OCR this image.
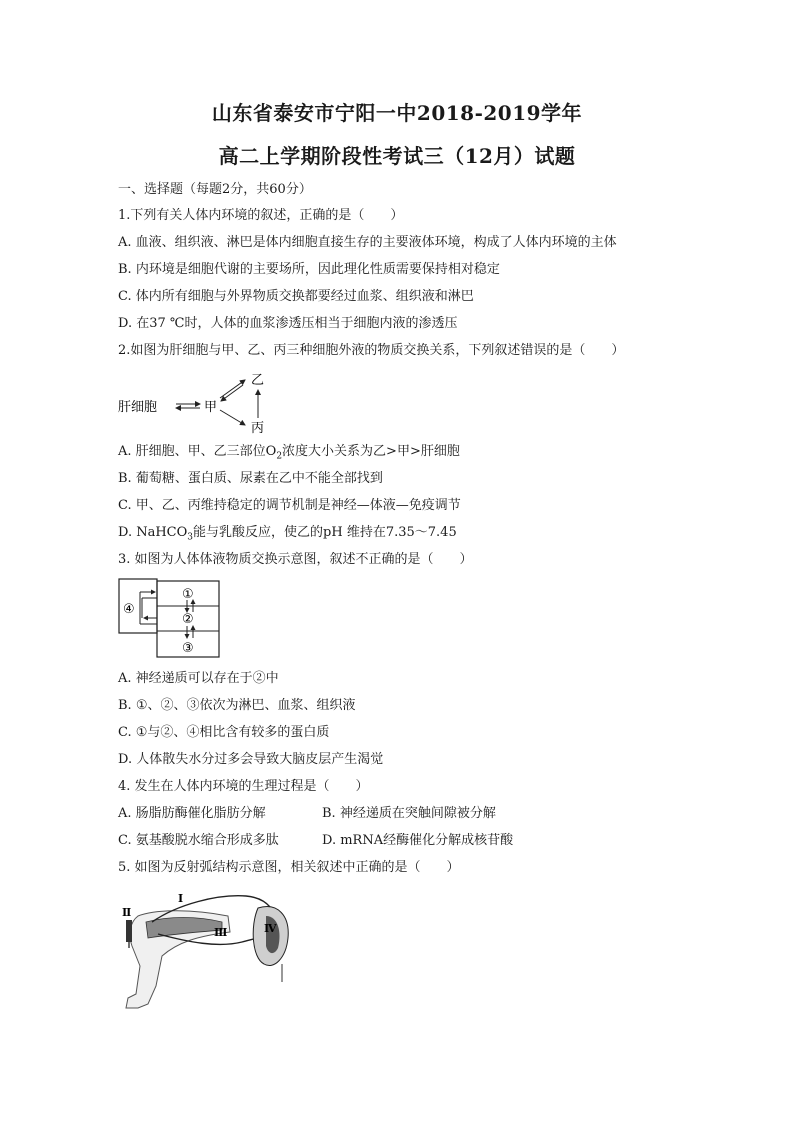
山东省泰安市宁阳一中2018-2019学年
高二上学期阶段性考试三（12月）试题
一、选择题（每题2分，共60分）
1.下列有关人体内环境的叙述，正确的是（　　）
A. 血液、组织液、淋巴是体内细胞直接生存的主要液体环境，构成了人体内环境的主体
B. 内环境是细胞代谢的主要场所，因此理化性质需要保持相对稳定
C. 体内所有细胞与外界物质交换都要经过血浆、组织液和淋巴
D. 在37 ℃时，人体的血浆渗透压相当于细胞内液的渗透压
2.如图为肝细胞与甲、乙、丙三种细胞外液的物质交换关系，下列叙述错误的是（　　）
肝细胞	甲
乙
丙
A. 肝细胞、甲、乙三部位$O_2$浓度大小关系为乙>甲>肝细胞
B. 葡萄糖、蛋白质、尿素在乙中不能全部找到
C. 甲、乙、丙维持稳定的调节机制是神经—体液—免疫调节
D. NaHCO$_3$能与乳酸反应，使乙的pH 维持在7.35～7.45
3. 如图为人体体液物质交换示意图，叙述不正确的是（　　）
④
①
②
③
A. 神经递质可以存在于②中
B. ①、②、③依次为淋巴、血浆、组织液
C. ①与②、④相比含有较多的蛋白质
D. 人体散失水分过多会导致大脑皮层产生渴觉
4. 发生在人体内环境的生理过程是（　　）
A. 肠脂肪酶催化脂肪分解	B. 神经递质在突触间隙被分解
C. 氨基酸脱水缩合形成多肽	D. mRNA经酶催化分解成核苷酸
5. 如图为反射弧结构示意图，相关叙述中正确的是（　　）
Ⅰ
Ⅱ
Ⅲ	Ⅳ
